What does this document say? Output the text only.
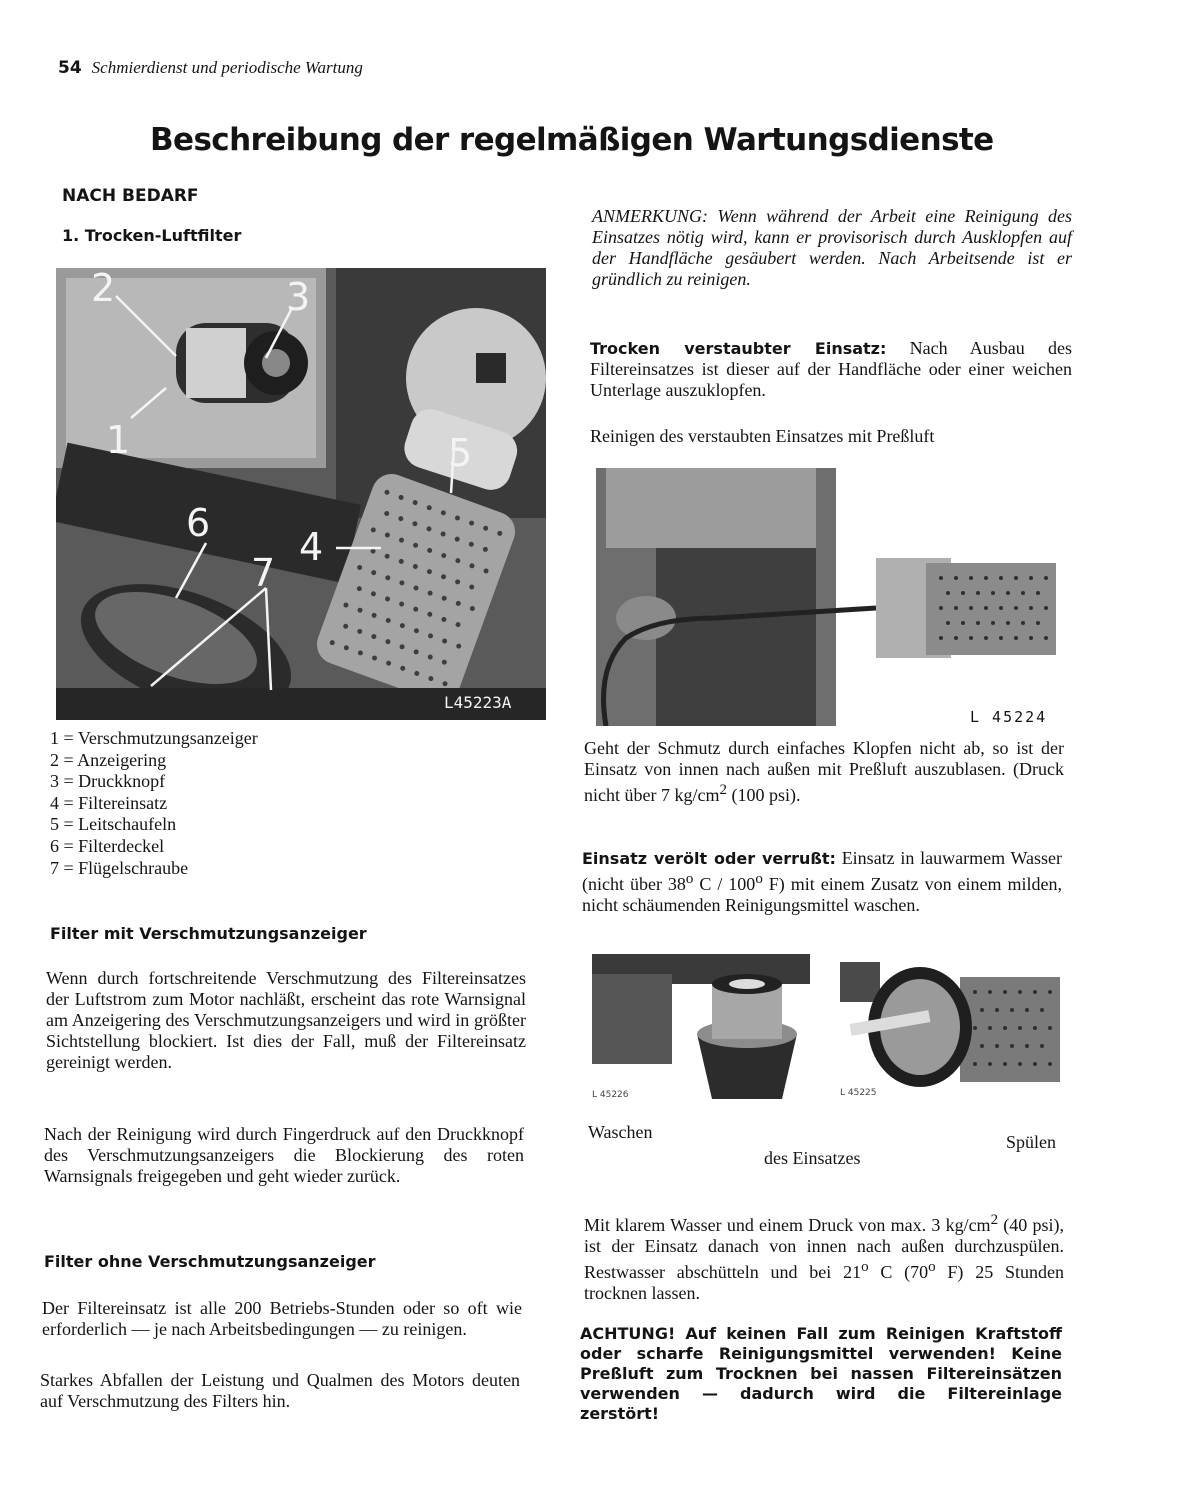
54 Schmierdienst und periodische Wartung
Beschreibung der regelmäßigen Wartungsdienste
NACH BEDARF
1. Trocken-Luftfilter
2	3
1	5
6
4
7
L45223A
1 = Verschmutzungsanzeiger
2 = Anzeigering
3 = Druckknopf
4 = Filtereinsatz
5 = Leitschaufeln
6 = Filterdeckel
7 = Flügelschraube
Filter mit Verschmutzungsanzeiger

Wenn durch fortschreitende Verschmutzung des Filtereinsatzes der Luftstrom zum Motor nachläßt, erscheint das rote Warnsignal am Anzeigering des Verschmutzungsanzeigers und wird in größter Sichtstellung blockiert. Ist dies der Fall, muß der Filtereinsatz gereinigt werden.

Nach der Reinigung wird durch Fingerdruck auf den Druckknopf des Verschmutzungsanzeigers die Blockierung des roten Warnsignals freigegeben und geht wieder zurück.

Filter ohne Verschmutzungsanzeiger

Der Filtereinsatz ist alle 200 Betriebs-Stunden oder so oft wie erforderlich — je nach Arbeitsbedingungen — zu reinigen.

Starkes Abfallen der Leistung und Qualmen des Motors deuten auf Verschmutzung des Filters hin.

ANMERKUNG: Wenn während der Arbeit eine Reinigung des Einsatzes nötig wird, kann er provisorisch durch Ausklopfen auf der Handfläche gesäubert werden. Nach Arbeitsende ist er gründlich zu reinigen.

Trocken verstaubter Einsatz: Nach Ausbau des Filtereinsatzes ist dieser auf der Handfläche oder einer weichen Unterlage auszuklopfen.

Reinigen des verstaubten Einsatzes mit Preßluft
L 45224

Geht der Schmutz durch einfaches Klopfen nicht ab, so ist der Einsatz von innen nach außen mit Preßluft auszublasen. (Druck nicht über 7 $kg/cm^2$ (100 psi).

Einsatz verölt oder verrußt: Einsatz in lauwarmem Wasser (nicht über 38$^o$ C / 100$^o$ F) mit einem Zusatz von einem milden, nicht schäumenden Reinigungsmittel waschen.

L 45226	L 45225
Waschen	Spülen
des Einsatzes

Mit klarem Wasser und einem Druck von max. 3 $kg/cm^2$ (40 psi), ist der Einsatz danach von innen nach außen durchzuspülen. Restwasser abschütteln und bei 21$^o$ C (70$^o$ F) 25 Stunden trocknen lassen.

ACHTUNG! Auf keinen Fall zum Reinigen Kraftstoff oder scharfe Reinigungsmittel verwenden! Keine Preßluft zum Trocknen bei nassen Filtereinsätzen verwenden — dadurch wird die Filtereinlage zerstört!
